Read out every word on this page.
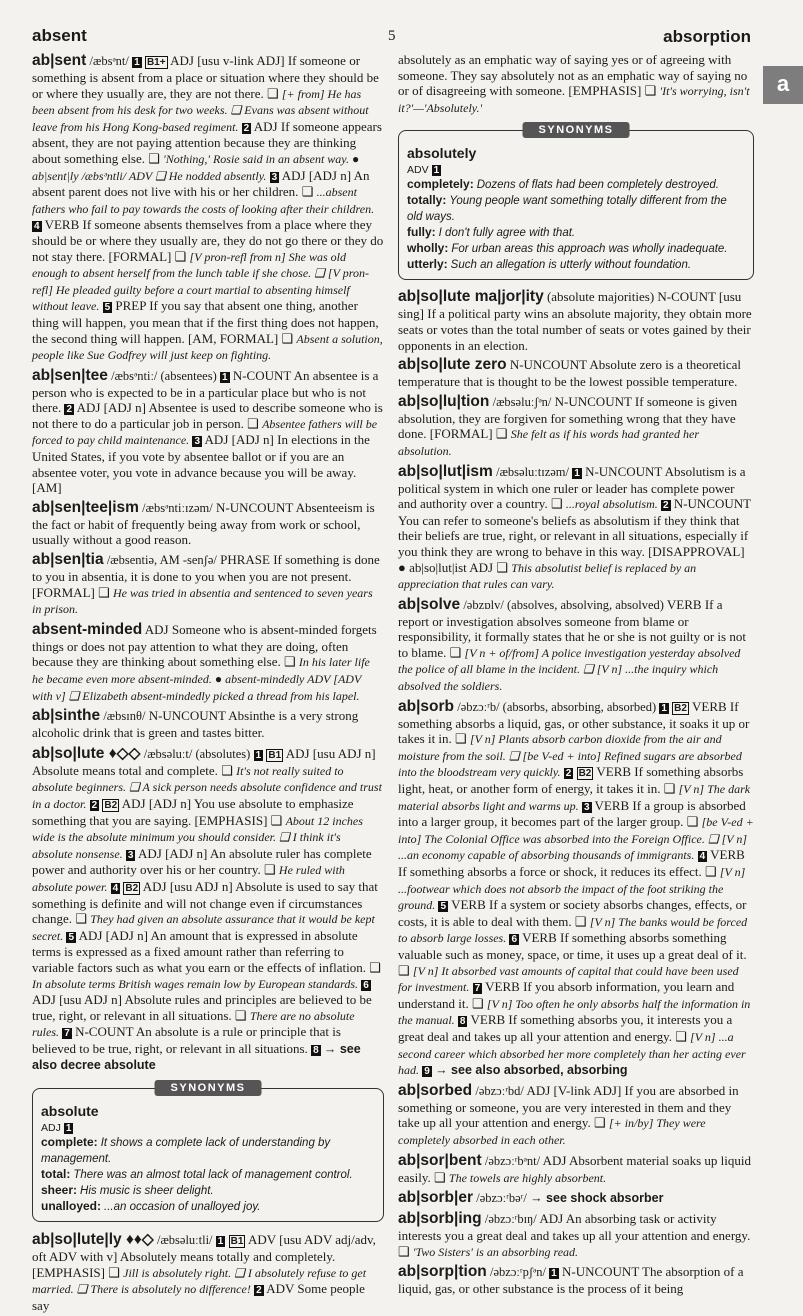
absent	5	absorption
a
ab|sent /æbsᵊnt/ 1 B1+ ADJ [usu v-link ADJ] If someone or something is absent from a place or situation where they should be or where they usually are, they are not there. ❑ [+ from] He has been absent from his desk for two weeks. ❑ Evans was absent without leave from his Hong Kong-based regiment. 2 ADJ If someone appears absent, they are not paying attention because they are thinking about something else. ❑ 'Nothing,' Rosie said in an absent way. ● ab|sent|ly /æbsᵊntli/ ADV ❑ He nodded absently. 3 ADJ [ADJ n] An absent parent does not live with his or her children. ❑ ...absent fathers who fail to pay towards the costs of looking after their children. 4 VERB If someone absents themselves from a place where they should be or where they usually are, they do not go there or they do not stay there. [FORMAL] ❑ [V pron-refl from n] She was old enough to absent herself from the lunch table if she chose. ❑ [V pron-refl] He pleaded guilty before a court martial to absenting himself without leave. 5 PREP If you say that absent one thing, another thing will happen, you mean that if the first thing does not happen, the second thing will happen. [AM, FORMAL] ❑ Absent a solution, people like Sue Godfrey will just keep on fighting.
ab|sen|tee /æbsᵊntiː/ (absentees) 1 N-COUNT An absentee is a person who is expected to be in a particular place but who is not there. 2 ADJ [ADJ n] Absentee is used to describe someone who is not there to do a particular job in person. ❑ Absentee fathers will be forced to pay child maintenance. 3 ADJ [ADJ n] In elections in the United States, if you vote by absentee ballot or if you are an absentee voter, you vote in advance because you will be away. [AM]
ab|sen|tee|ism /æbsᵊntiːɪzəm/ N-UNCOUNT Absenteeism is the fact or habit of frequently being away from work or school, usually without a good reason.
ab|sen|tia /æbsentiə, AM -senʃə/ PHRASE If something is done to you in absentia, it is done to you when you are not present. [FORMAL] ❑ He was tried in absentia and sentenced to seven years in prison.
absent-minded ADJ Someone who is absent-minded forgets things or does not pay attention to what they are doing, often because they are thinking about something else. ❑ In his later life he became even more absent-minded. ● absent-mindedly ADV [ADV with v] ❑ Elizabeth absent-mindedly picked a thread from his lapel.
ab|sinthe /æbsɪnθ/ N-UNCOUNT Absinthe is a very strong alcoholic drink that is green and tastes bitter.
ab|so|lute ♦◇◇ /æbsəluːt/ (absolutes) 1 B1 ADJ [usu ADJ n] Absolute means total and complete. ❑ It's not really suited to absolute beginners. ❑ A sick person needs absolute confidence and trust in a doctor. 2 B2 ADJ [ADJ n] You use absolute to emphasize something that you are saying. [EMPHASIS] ❑ About 12 inches wide is the absolute minimum you should consider. ❑ I think it's absolute nonsense. 3 ADJ [ADJ n] An absolute ruler has complete power and authority over his or her country. ❑ He ruled with absolute power. 4 B2 ADJ [usu ADJ n] Absolute is used to say that something is definite and will not change even if circumstances change. ❑ They had given an absolute assurance that it would be kept secret. 5 ADJ [ADJ n] An amount that is expressed in absolute terms is expressed as a fixed amount rather than referring to variable factors such as what you earn or the effects of inflation. ❑ In absolute terms British wages remain low by European standards. 6 ADJ [usu ADJ n] Absolute rules and principles are believed to be true, right, or relevant in all situations. ❑ There are no absolute rules. 7 N-COUNT An absolute is a rule or principle that is believed to be true, right, or relevant in all situations. 8 → see also decree absolute
SYNONYMS
absolute
ADJ 1
complete: It shows a complete lack of understanding by management.
total: There was an almost total lack of management control.
sheer: His music is sheer delight.
unalloyed: ...an occasion of unalloyed joy.
ab|so|lute|ly ♦♦◇ /æbsəluːtli/ 1 B1 ADV [usu ADV adj/adv, oft ADV with v] Absolutely means totally and completely. [EMPHASIS] ❑ Jill is absolutely right. ❑ I absolutely refuse to get married. ❑ There is absolutely no difference! 2 ADV Some people say
absolutely as an emphatic way of saying yes or of agreeing with someone. They say absolutely not as an emphatic way of saying no or of disagreeing with someone. [EMPHASIS] ❑ 'It's worrying, isn't it?'—'Absolutely.'
SYNONYMS
absolutely
ADV 1
completely: Dozens of flats had been completely destroyed.
totally: Young people want something totally different from the old ways.
fully: I don't fully agree with that.
wholly: For urban areas this approach was wholly inadequate.
utterly: Such an allegation is utterly without foundation.
ab|so|lute ma|jor|ity (absolute majorities) N-COUNT [usu sing] If a political party wins an absolute majority, they obtain more seats or votes than the total number of seats or votes gained by their opponents in an election.
ab|so|lute zero N-UNCOUNT Absolute zero is a theoretical temperature that is thought to be the lowest possible temperature.
ab|so|lu|tion /æbsəluːʃᵊn/ N-UNCOUNT If someone is given absolution, they are forgiven for something wrong that they have done. [FORMAL] ❑ She felt as if his words had granted her absolution.
ab|so|lut|ism /æbsəluːtɪzəm/ 1 N-UNCOUNT Absolutism is a political system in which one ruler or leader has complete power and authority over a country. ❑ ...royal absolutism. 2 N-UNCOUNT You can refer to someone's beliefs as absolutism if they think that their beliefs are true, right, or relevant in all situations, especially if you think they are wrong to behave in this way. [DISAPPROVAL] ● ab|so|lut|ist ADJ ❑ This absolutist belief is replaced by an appreciation that rules can vary.
ab|solve /əbzɒlv/ (absolves, absolving, absolved) VERB If a report or investigation absolves someone from blame or responsibility, it formally states that he or she is not guilty or is not to blame. ❑ [V n + of/from] A police investigation yesterday absolved the police of all blame in the incident. ❑ [V n] ...the inquiry which absolved the soldiers.
ab|sorb /əbzɔːʳb/ (absorbs, absorbing, absorbed) 1 B2 VERB If something absorbs a liquid, gas, or other substance, it soaks it up or takes it in. ❑ [V n] Plants absorb carbon dioxide from the air and moisture from the soil. ❑ [be V-ed + into] Refined sugars are absorbed into the bloodstream very quickly. 2 B2 VERB If something absorbs light, heat, or another form of energy, it takes it in. ❑ [V n] The dark material absorbs light and warms up. 3 VERB If a group is absorbed into a larger group, it becomes part of the larger group. ❑ [be V-ed + into] The Colonial Office was absorbed into the Foreign Office. ❑ [V n] ...an economy capable of absorbing thousands of immigrants. 4 VERB If something absorbs a force or shock, it reduces its effect. ❑ [V n] ...footwear which does not absorb the impact of the foot striking the ground. 5 VERB If a system or society absorbs changes, effects, or costs, it is able to deal with them. ❑ [V n] The banks would be forced to absorb large losses. 6 VERB If something absorbs something valuable such as money, space, or time, it uses up a great deal of it. ❑ [V n] It absorbed vast amounts of capital that could have been used for investment. 7 VERB If you absorb information, you learn and understand it. ❑ [V n] Too often he only absorbs half the information in the manual. 8 VERB If something absorbs you, it interests you a great deal and takes up all your attention and energy. ❑ [V n] ...a second career which absorbed her more completely than her acting ever had. 9 → see also absorbed, absorbing
ab|sorbed /əbzɔːʳbd/ ADJ [V-link ADJ] If you are absorbed in something or someone, you are very interested in them and they take up all your attention and energy. ❑ [+ in/by] They were completely absorbed in each other.
ab|sor|bent /əbzɔːʳbᵊnt/ ADJ Absorbent material soaks up liquid easily. ❑ The towels are highly absorbent.
ab|sorb|er /əbzɔːʳbəʳ/ → see shock absorber
ab|sorb|ing /əbzɔːʳbɪŋ/ ADJ An absorbing task or activity interests you a great deal and takes up all your attention and energy. ❑ 'Two Sisters' is an absorbing read.
ab|sorp|tion /əbzɔːʳpʃᵊn/ 1 N-UNCOUNT The absorption of a liquid, gas, or other substance is the process of it being
